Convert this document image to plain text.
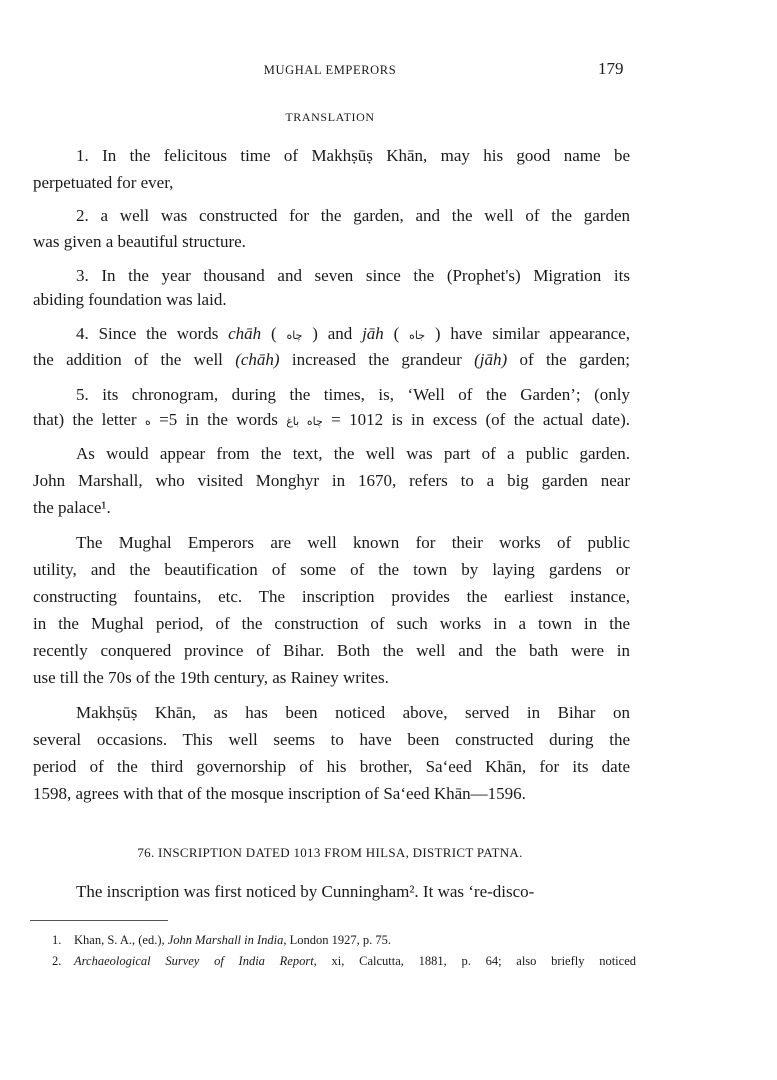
MUGHAL EMPERORS	179
TRANSLATION
1. In the felicitous time of Makhṣūṣ Khān, may his good name be
perpetuated for ever,
2. a well was constructed for the garden, and the well of the garden
was given a beautiful structure.
3. In the year thousand and seven since the (Prophet's) Migration its
abiding foundation was laid.
4. Since the words chāh ( چاه ) and jāh ( جاه ) have similar appearance,
the addition of the well (chāh) increased the grandeur (jāh) of the garden;
5. its chronogram, during the times, is, ‘Well of the Garden’; (only
that) the letter ه =5 in the words چاه باغ = 1012 is in excess (of the actual date).
As would appear from the text, the well was part of a public garden.
John Marshall, who visited Monghyr in 1670, refers to a big garden near
the palace¹.
The Mughal Emperors are well known for their works of public
utility, and the beautification of some of the town by laying gardens or
constructing fountains, etc. The inscription provides the earliest instance,
in the Mughal period, of the construction of such works in a town in the
recently conquered province of Bihar. Both the well and the bath were in
use till the 70s of the 19th century, as Rainey writes.
Makhṣūṣ Khān, as has been noticed above, served in Bihar on
several occasions. This well seems to have been constructed during the
period of the third governorship of his brother, Sa‘eed Khān, for its date
1598, agrees with that of the mosque inscription of Sa‘eed Khān—1596.
76. INSCRIPTION DATED 1013 FROM HILSA, DISTRICT PATNA.
The inscription was first noticed by Cunningham². It was ‘re-disco-
1. Khan, S. A., (ed.), John Marshall in India, London 1927, p. 75.
2. Archaeological Survey of India Report, xi, Calcutta, 1881, p. 64; also briefly noticed
